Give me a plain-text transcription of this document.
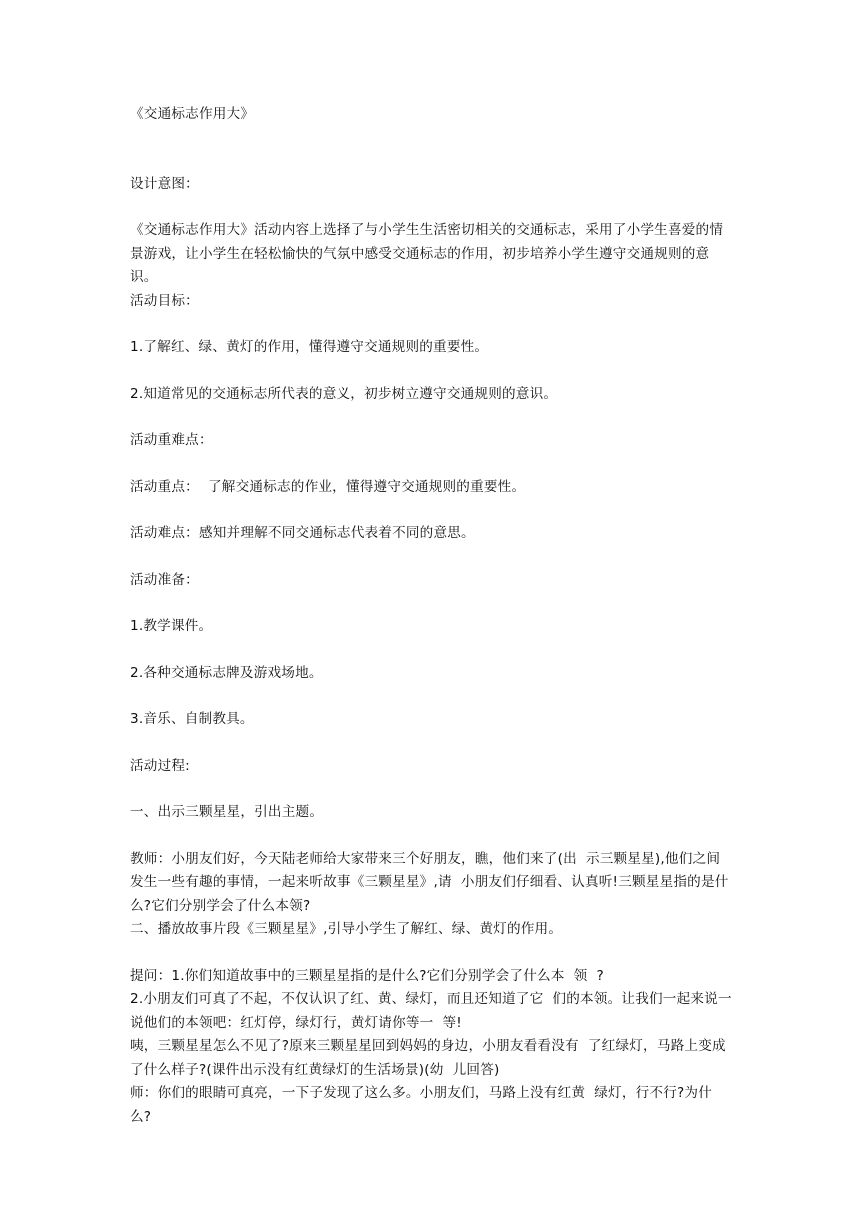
《交通标志作用大》

设计意图：

《交通标志作用大》活动内容上选择了与小学生生活密切相关的交通标志，采用了小学生喜爱的情景游戏，让小学生在轻松愉快的气氛中感受交通标志的作用，初步培养小学生遵守交通规则的意识。

活动目标：

1.了解红、绿、黄灯的作用，懂得遵守交通规则的重要性。

2.知道常见的交通标志所代表的意义，初步树立遵守交通规则的意识。

活动重难点：

活动重点：  了解交通标志的作业，懂得遵守交通规则的重要性。

活动难点：感知并理解不同交通标志代表着不同的意思。

活动准备：

1.教学课件。

2.各种交通标志牌及游戏场地。

3.音乐、自制教具。

活动过程:

一、出示三颗星星，引出主题。

教师：小朋友们好，今天陆老师给大家带来三个好朋友，瞧，他们来了(出  示三颗星星),他们之间发生一些有趣的事情，一起来听故事《三颗星星》,请  小朋友们仔细看、认真听!三颗星星指的是什么?它们分别学会了什么本领?

二、播放故事片段《三颗星星》,引导小学生了解红、绿、黄灯的作用。

提问：1.你们知道故事中的三颗星星指的是什么?它们分别学会了什么本  领  ?

2.小朋友们可真了不起，不仅认识了红、黄、绿灯，而且还知道了它  们的本领。让我们一起来说一说他们的本领吧：红灯停，绿灯行，黄灯请你等一  等!

咦，三颗星星怎么不见了?原来三颗星星回到妈妈的身边，小朋友看看没有  了红绿灯，马路上变成了什么样子?(课件出示没有红黄绿灯的生活场景)(幼  儿回答)

师：你们的眼睛可真亮，一下子发现了这么多。小朋友们，马路上没有红黄  绿灯，行不行?为什么?
